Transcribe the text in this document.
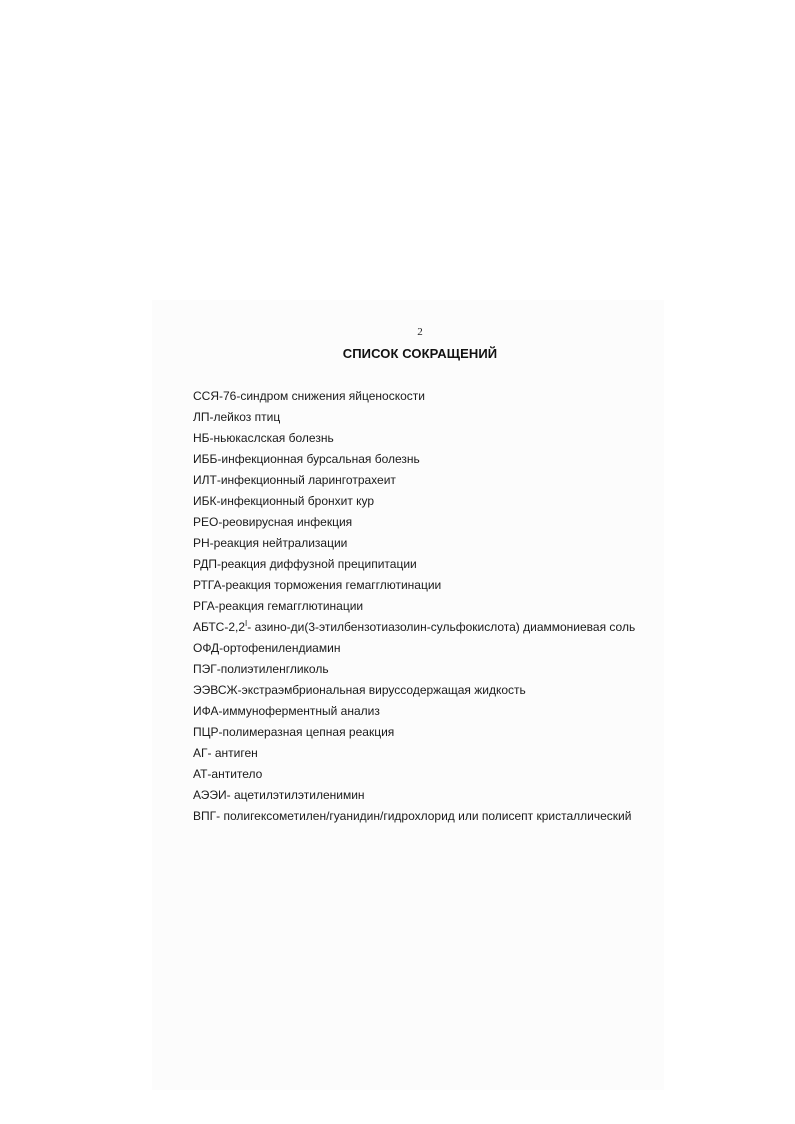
2
СПИСОК СОКРАЩЕНИЙ
ССЯ-76-синдром снижения яйценоскости
ЛП-лейкоз птиц
НБ-ньюкаслская болезнь
ИББ-инфекционная бурсальная болезнь
ИЛТ-инфекционный ларинготрахеит
ИБК-инфекционный бронхит кур
РЕО-реовирусная инфекция
РН-реакция нейтрализации
РДП-реакция диффузной преципитации
РТГА-реакция торможения гемагглютинации
РГА-реакция гемагглютинации
АБТС-$2,2^I-$ азино-ди(3-этилбензотиазолин-сульфокислота) диаммониевая соль
ОФД-ортофенилендиамин
ПЭГ-полиэтиленгликоль
ЭЭВСЖ-экстраэмбриональная вируссодержащая жидкость
ИФА-иммуноферментный анализ
ПЦР-полимеразная цепная реакция
АГ- антиген
АТ-антитело
АЭЭИ- ацетилэтилэтиленимин
ВПГ- полигексометилен/гуанидин/гидрохлорид или полисепт кристаллический
